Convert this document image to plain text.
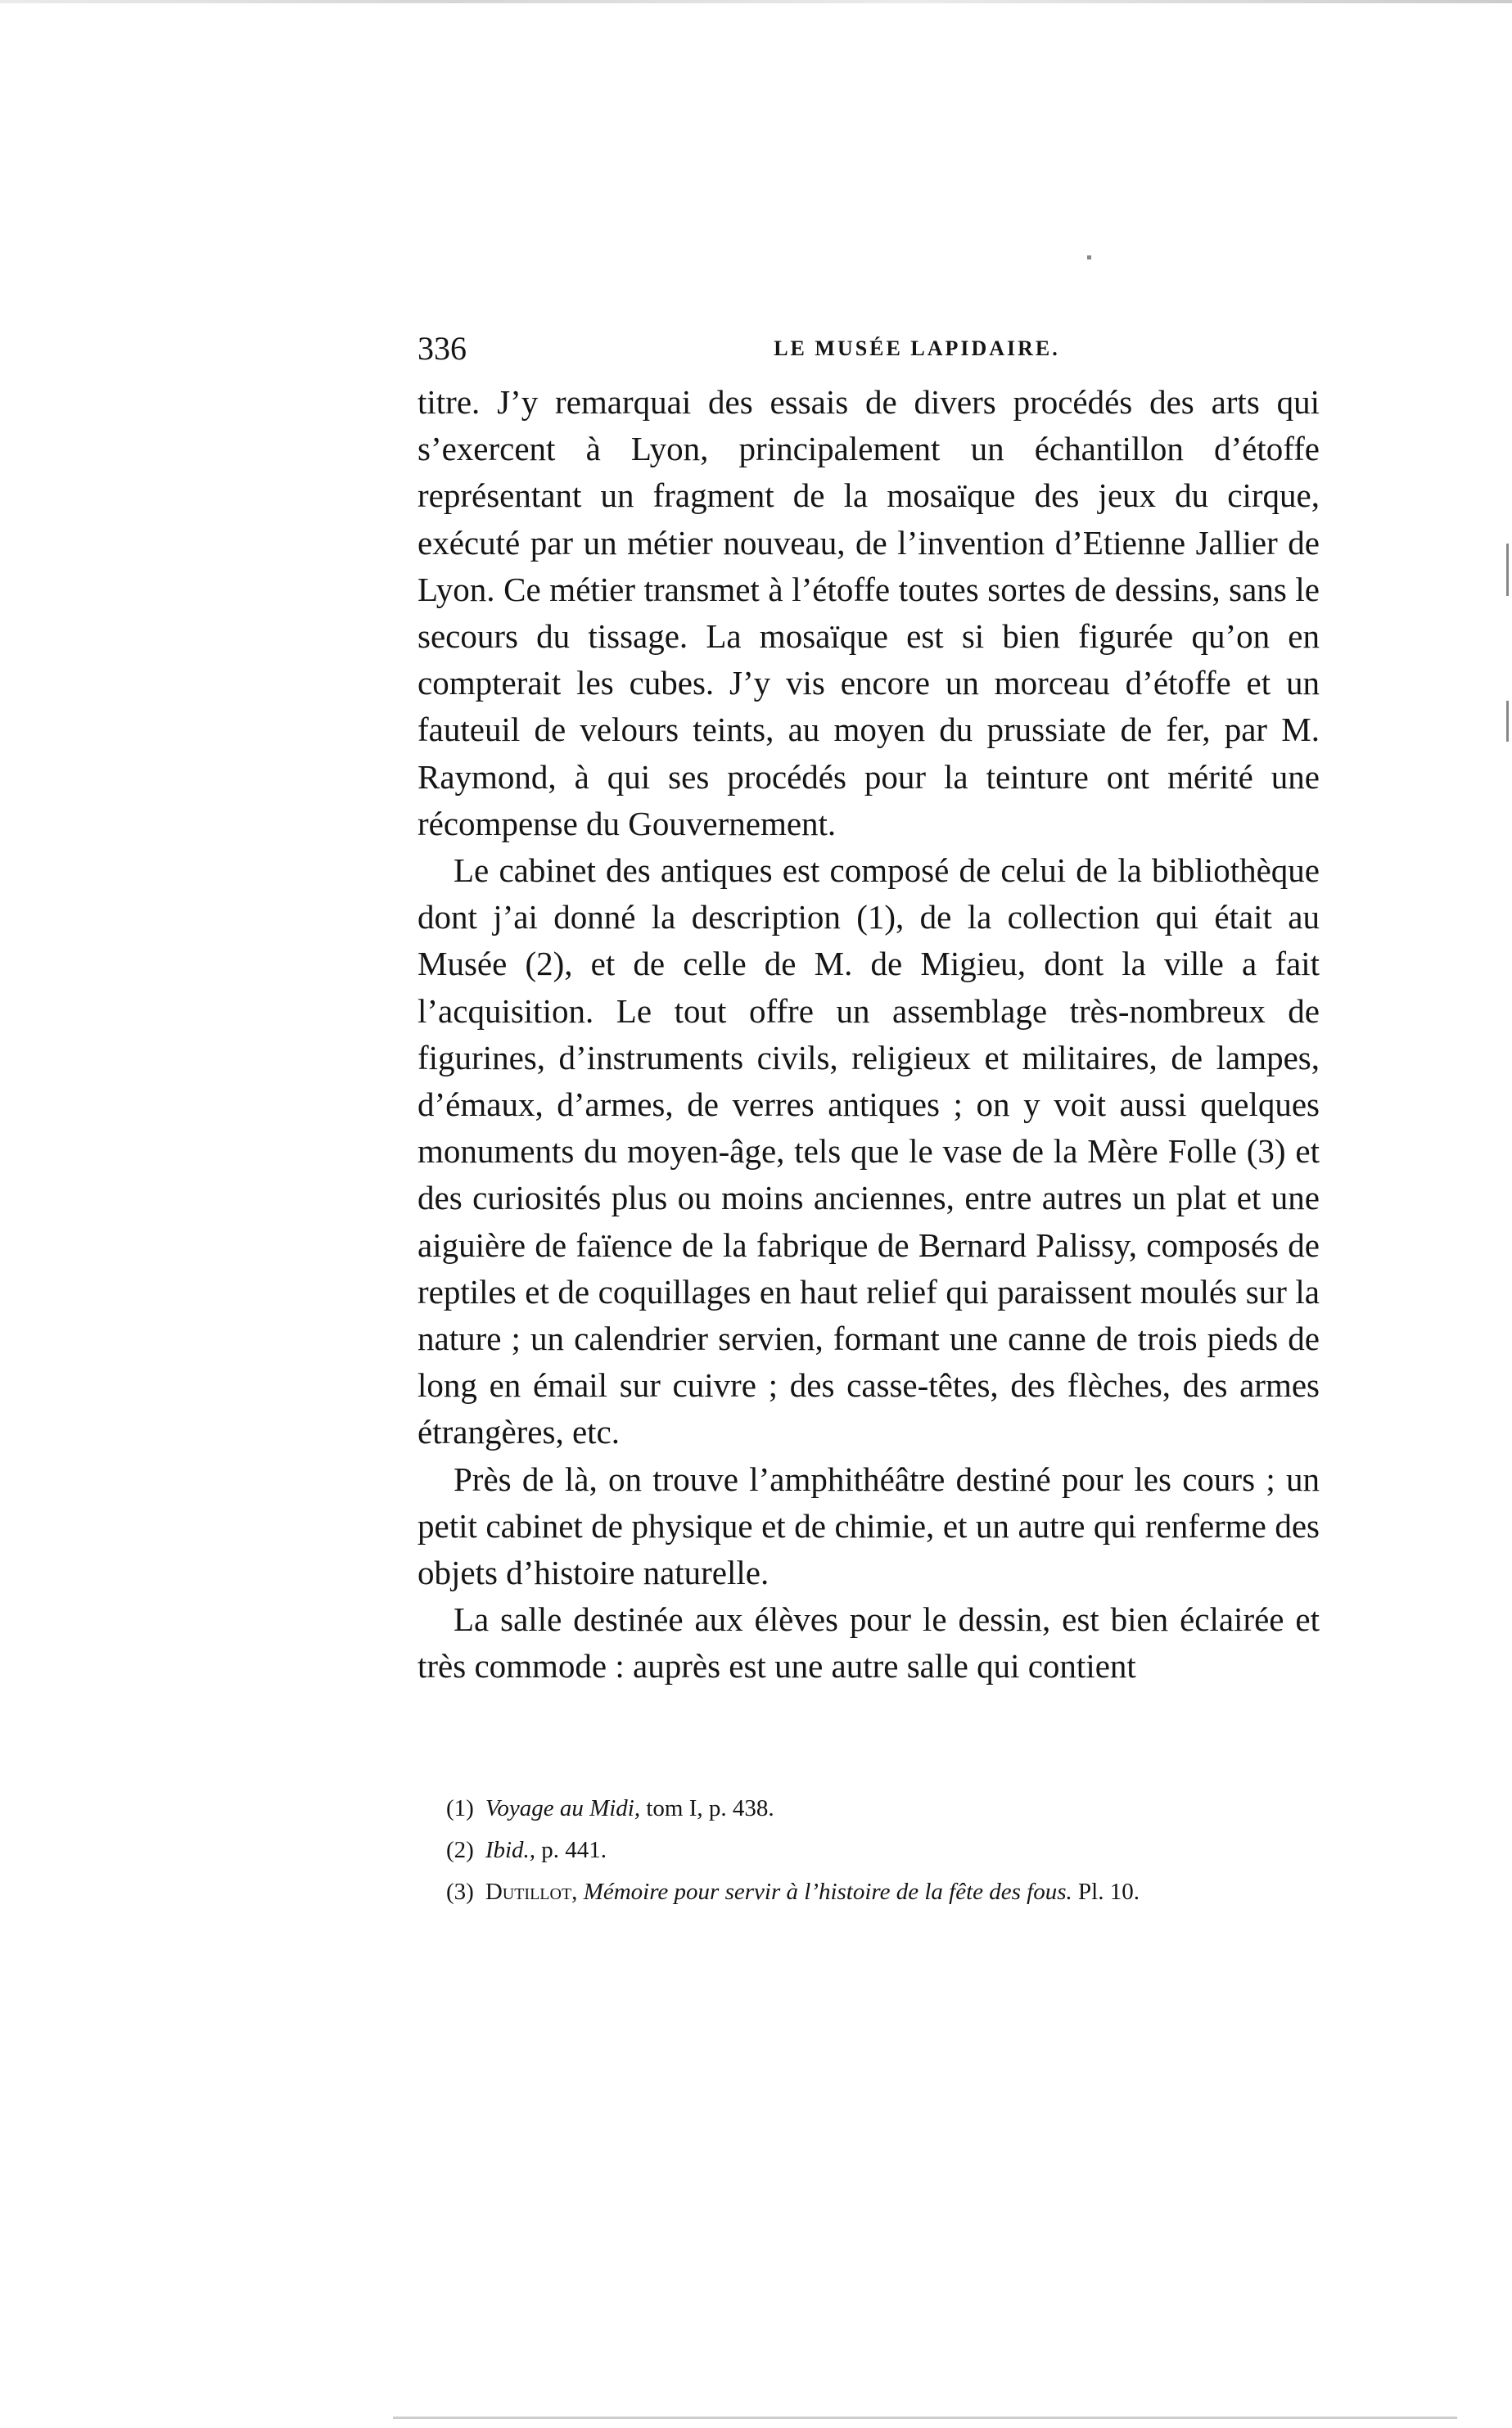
336	LE MUSÉE LAPIDAIRE.

titre. J’y remarquai des essais de divers procédés des arts qui s’exercent à Lyon, principalement un échantillon d’étoffe représentant un fragment de la mosaïque des jeux du cirque, exécuté par un métier nouveau, de l’invention d’Etienne Jallier de Lyon. Ce métier transmet à l’étoffe toutes sortes de dessins, sans le secours du tissage. La mosaïque est si bien figurée qu’on en compterait les cubes. J’y vis encore un morceau d’étoffe et un fauteuil de velours teints, au moyen du prussiate de fer, par M. Raymond, à qui ses procédés pour la teinture ont mérité une récompense du Gouvernement.

Le cabinet des antiques est composé de celui de la bibliothèque dont j’ai donné la description (1), de la collection qui était au Musée (2), et de celle de M. de Migieu, dont la ville a fait l’acquisition. Le tout offre un assemblage très-nombreux de figurines, d’instruments civils, religieux et militaires, de lampes, d’émaux, d’armes, de verres antiques ; on y voit aussi quelques monuments du moyen-âge, tels que le vase de la Mère Folle (3) et des curiosités plus ou moins anciennes, entre autres un plat et une aiguière de faïence de la fabrique de Bernard Palissy, composés de reptiles et de coquillages en haut relief qui paraissent moulés sur la nature ; un calendrier servien, formant une canne de trois pieds de long en émail sur cuivre ; des casse-têtes, des flèches, des armes étrangères, etc.

Près de là, on trouve l’amphithéâtre destiné pour les cours ; un petit cabinet de physique et de chimie, et un autre qui renferme des objets d’histoire naturelle.

La salle destinée aux élèves pour le dessin, est bien éclairée et très commode : auprès est une autre salle qui contient

(1) Voyage au Midi, tom I, p. 438.
(2) Ibid., p. 441.
(3) Dutillot, Mémoire pour servir à l’histoire de la fête des fous. Pl. 10.
